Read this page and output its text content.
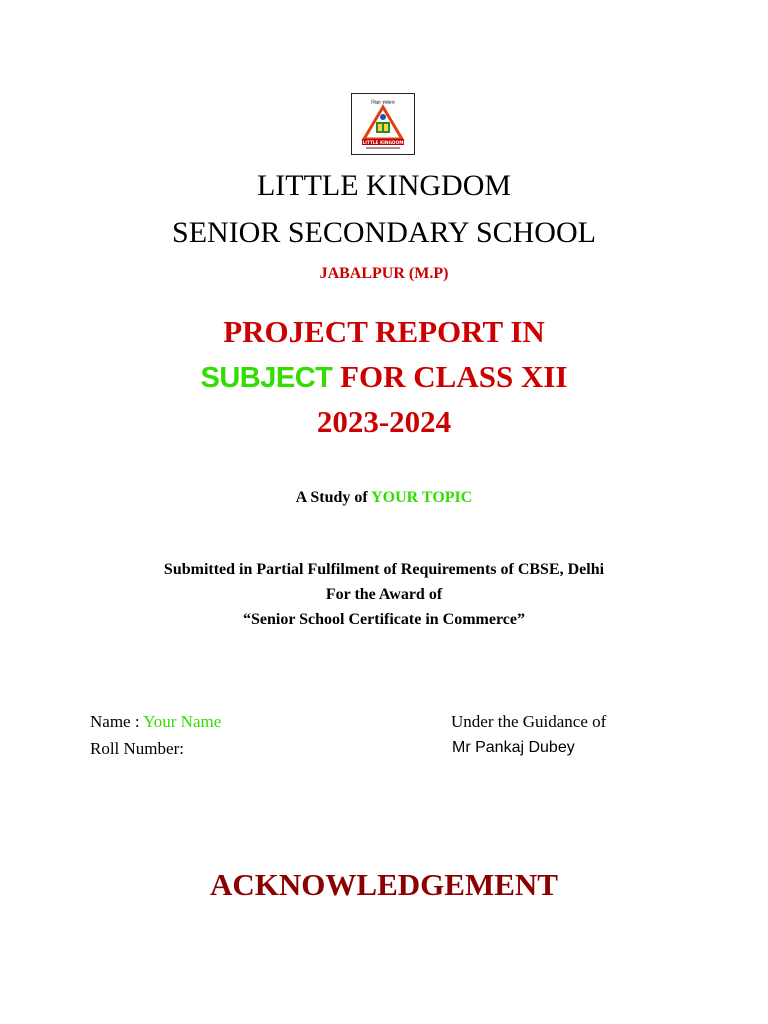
शिक्षा संस्कार
LITTLE KINGDOM
LITTLE KINGDOM
SENIOR SECONDARY SCHOOL
JABALPUR (M.P)
PROJECT REPORT IN
SUBJECT FOR CLASS XII
2023-2024
A Study of YOUR TOPIC
Submitted in Partial Fulfilment of Requirements of CBSE, Delhi
For the Award of
“Senior School Certificate in Commerce”
Name : Your Name
Roll Number:
Under the Guidance of
Mr Pankaj Dubey
ACKNOWLEDGEMENT
